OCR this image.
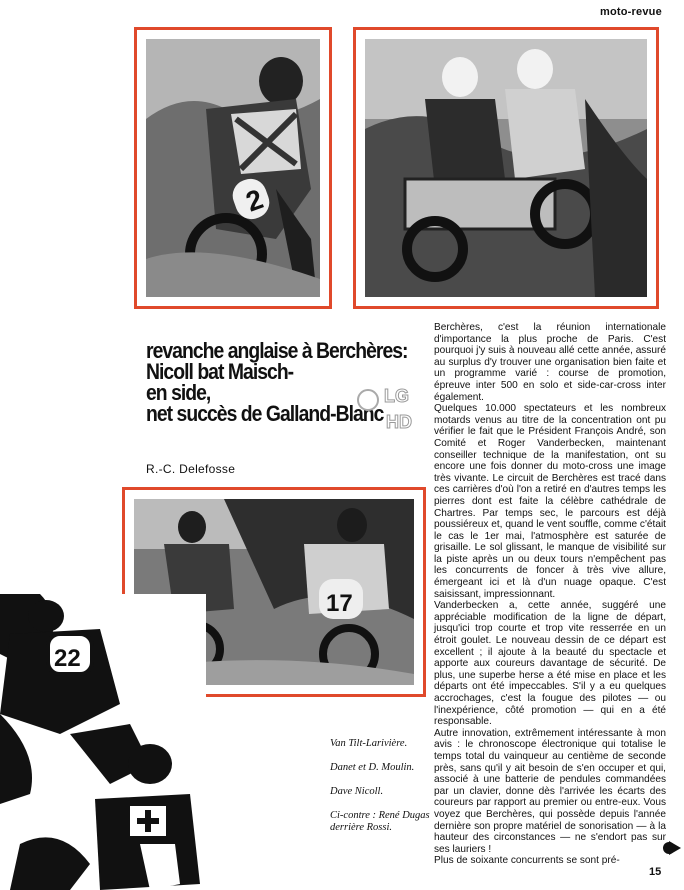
moto-revue
2
revanche anglaise à Berchères:
Nicoll bat Maisch-
en side,
net succès de Galland-Blanc
LG
HD
R.-C. Delefosse
17
22

Van Tilt-Larivière.

Danet et D. Moulin.

Dave Nicoll.

Ci-contre : René Dugas derrière Rossi.

Berchères, c'est la réunion internationale d'importance la plus proche de Paris. C'est pourquoi j'y suis à nouveau allé cette année, assuré au surplus d'y trouver une organisation bien faite et un programme varié : course de promotion, épreuve inter 500 en solo et side-car-cross inter également.

Quelques 10.000 spectateurs et les nombreux motards venus au titre de la concentration ont pu vérifier le fait que le Président François André, son Comité et Roger Vanderbecken, maintenant conseiller technique de la manifestation, ont su encore une fois donner du moto-cross une image très vivante. Le circuit de Berchères est tracé dans ces carrières d'où l'on a retiré en d'autres temps les pierres dont est faite la célèbre cathédrale de Chartres. Par temps sec, le parcours est déjà poussiéreux et, quand le vent souffle, comme c'était le cas le 1er mai, l'atmosphère est saturée de grisaille. Le sol glissant, le manque de visibilité sur la piste après un ou deux tours n'empêchent pas les concurrents de foncer à très vive allure, émergeant ici et là d'un nuage opaque. C'est saisissant, impressionnant.

Vanderbecken a, cette année, suggéré une appréciable modification de la ligne de départ, jusqu'ici trop courte et trop vite resserrée en un étroit goulet. Le nouveau dessin de ce départ est excellent ; il ajoute à la beauté du spectacle et apporte aux coureurs davantage de sécurité. De plus, une superbe herse a été mise en place et les départs ont été impeccables. S'il y a eu quelques accrochages, c'est la fougue des pilotes — ou l'inexpérience, côté promotion — qui en a été responsable.

Autre innovation, extrêmement intéressante à mon avis : le chronoscope électronique qui totalise le temps total du vainqueur au centième de seconde près, sans qu'il y ait besoin de s'en occuper et qui, associé à une batterie de pendules commandées par un clavier, donne dès l'arrivée les écarts des coureurs par rapport au premier ou entre-eux. Vous voyez que Berchères, qui possède depuis l'année dernière son propre matériel de sonorisation — à la hauteur des circonstances — ne s'endort pas sur ses lauriers !

Plus de soixante concurrents se sont pré-

15
